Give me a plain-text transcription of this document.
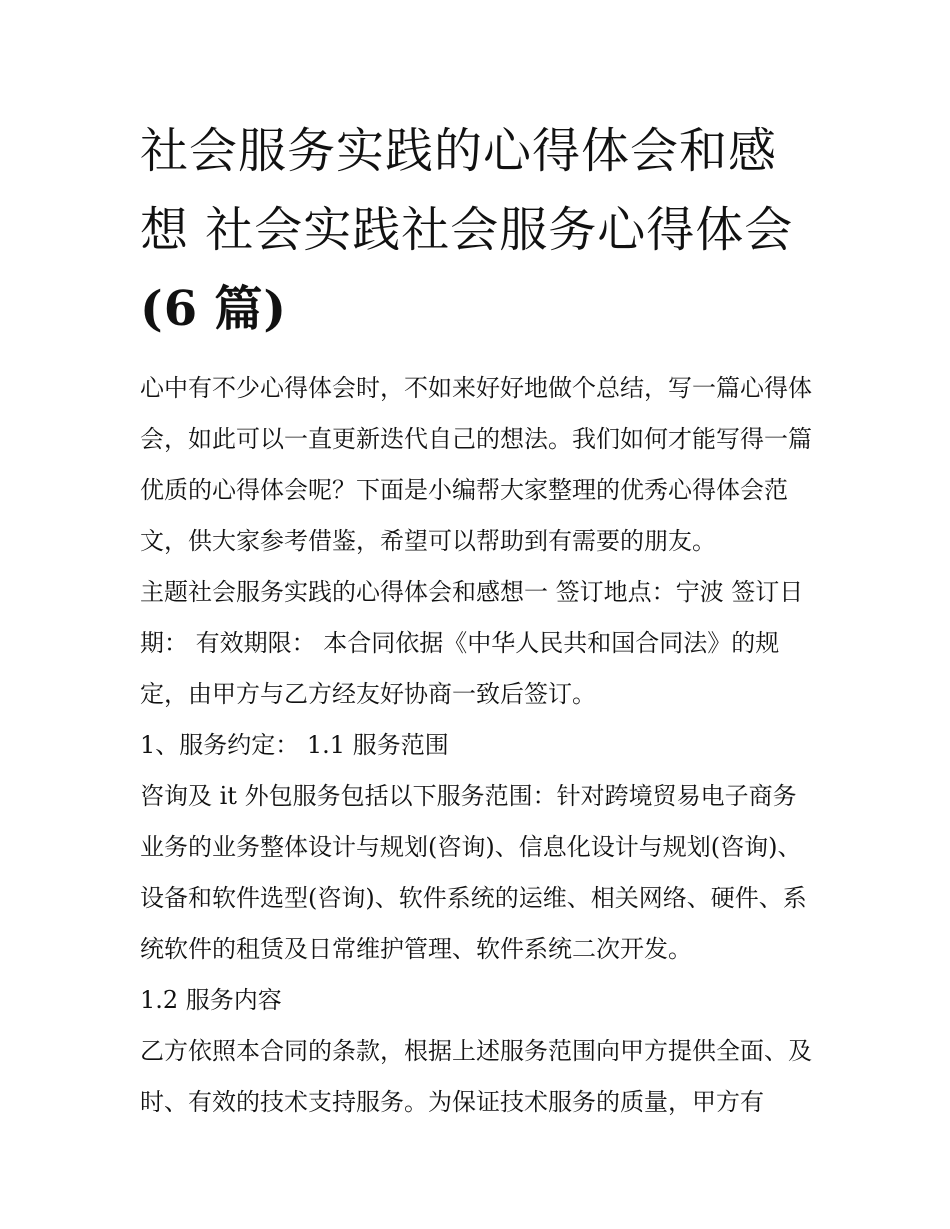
社会服务实践的心得体会和感
想 社会实践社会服务心得体会
(6 篇)

心中有不少心得体会时，不如来好好地做个总结，写一篇心得体会，如此可以一直更新迭代自己的想法。我们如何才能写得一篇优质的心得体会呢？下面是小编帮大家整理的优秀心得体会范文，供大家参考借鉴，希望可以帮助到有需要的朋友。

主题社会服务实践的心得体会和感想一 签订地点：宁波 签订日期： 有效期限： 本合同依据《中华人民共和国合同法》的规定，由甲方与乙方经友好协商一致后签订。

1、服务约定： 1.1 服务范围

咨询及 it 外包服务包括以下服务范围：针对跨境贸易电子商务业务的业务整体设计与规划(咨询)、信息化设计与规划(咨询)、设备和软件选型(咨询)、软件系统的运维、相关网络、硬件、系统软件的租赁及日常维护管理、软件系统二次开发。

1.2 服务内容

乙方依照本合同的条款，根据上述服务范围向甲方提供全面、及时、有效的技术支持服务。为保证技术服务的质量，甲方有
